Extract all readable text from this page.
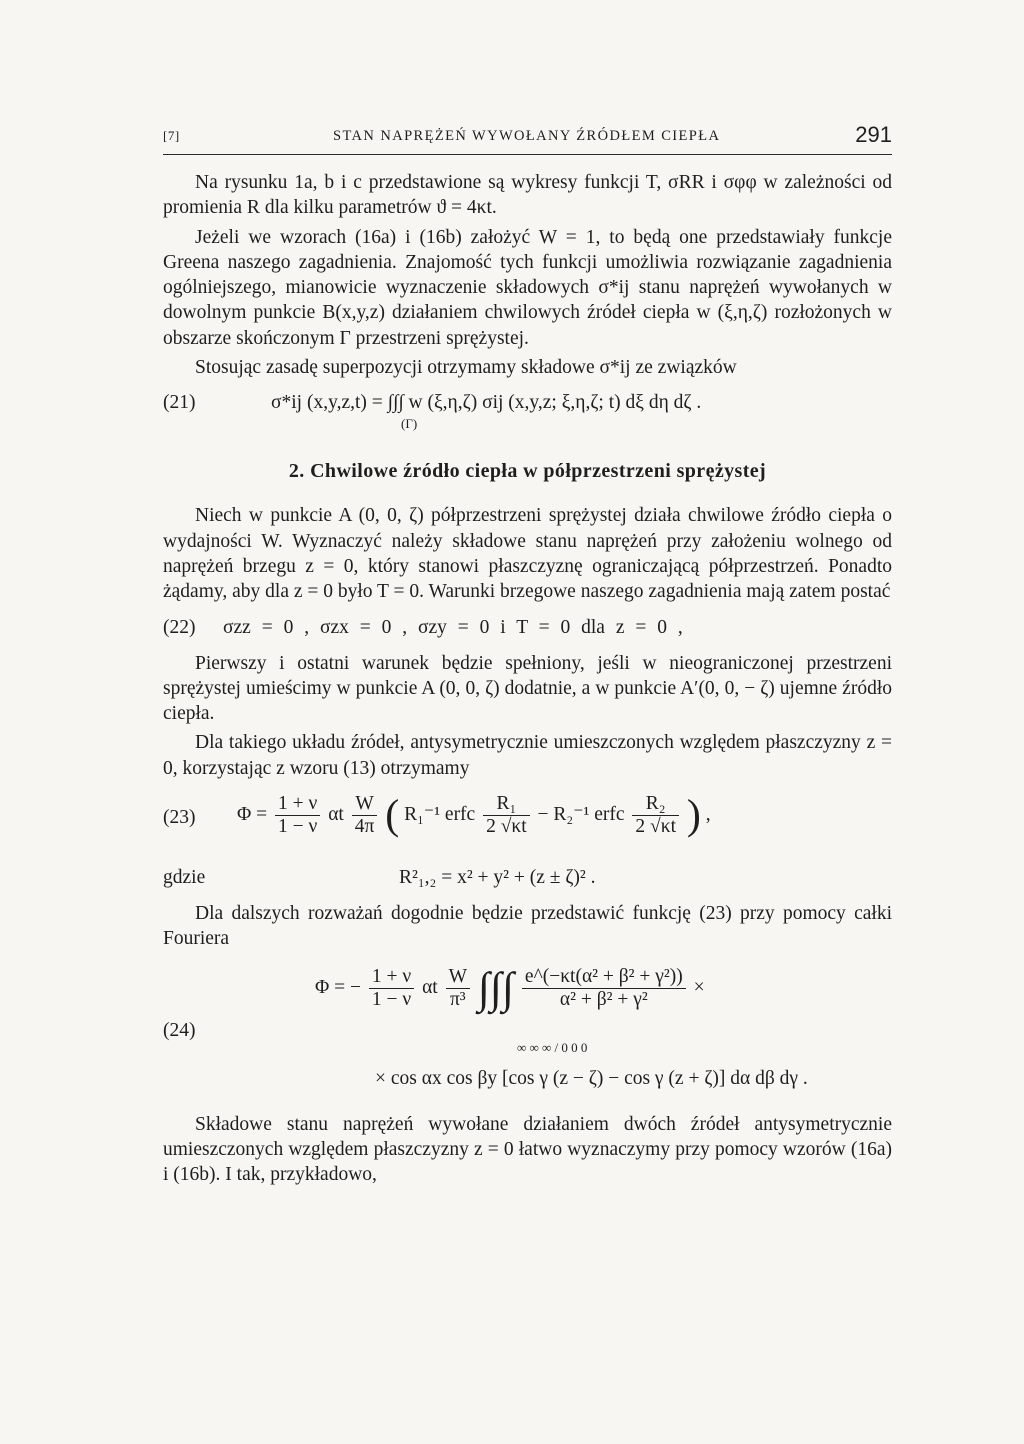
[7]	STAN NAPRĘŻEŃ WYWOŁANY ŹRÓDŁEM CIEPŁA	291

Na rysunku 1a, b i c przedstawione są wykresy funkcji T, σRR i σφφ w zależności od promienia R dla kilku parametrów ϑ = 4κt.

Jeżeli we wzorach (16a) i (16b) założyć W = 1, to będą one przedstawiały funkcje Greena naszego zagadnienia. Znajomość tych funkcji umożliwia rozwiązanie zagadnienia ogólniejszego, mianowicie wyznaczenie składowych σ*ij stanu naprężeń wywołanych w dowolnym punkcie B(x,y,z) działaniem chwilowych źródeł ciepła w (ξ,η,ζ) rozłożonych w obszarze skończonym Γ przestrzeni sprężystej.

Stosując zasadę superpozycji otrzymamy składowe σ*ij ze związków

(21)	σ*ij (x,y,z,t) = ∫∫∫ w (ξ,η,ζ) σij (x,y,z; ξ,η,ζ; t) dξ dη dζ .
(Γ)
2. Chwilowe źródło ciepła w półprzestrzeni sprężystej

Niech w punkcie A (0, 0, ζ) półprzestrzeni sprężystej działa chwilowe źródło ciepła o wydajności W. Wyznaczyć należy składowe stanu naprężeń przy założeniu wolnego od naprężeń brzegu z = 0, który stanowi płaszczyznę ograniczającą półprzestrzeń. Ponadto żądamy, aby dla z = 0 było T = 0. Warunki brzegowe naszego zagadnienia mają zatem postać

(22) σzz = 0 , σzx = 0 , σzy = 0 i T = 0 dla z = 0 ,

Pierwszy i ostatni warunek będzie spełniony, jeśli w nieograniczonej przestrzeni sprężystej umieścimy w punkcie A (0, 0, ζ) dodatnie, a w punkcie A′(0, 0, − ζ) ujemne źródło ciepła.

Dla takiego układu źródeł, antysymetrycznie umieszczonych względem płaszczyzny z = 0, korzystając z wzoru (13) otrzymamy

(23) $\Phi = \frac{1 + \nu}{1 - \nu}$ αt $\frac{W}{4\pi}$ ( R₁⁻¹ erfc $\frac{\text{R₁}}{2 √\kappa t} - R_2^{-1}$ erfc $\frac{\text{R₂}}{2 √\kappa t}$ ) ,
gdzie	R²₁,₂ = x² + y² + (z ± ζ)² .

Dla dalszych rozważań dogodnie będzie przedstawić funkcję (23) przy pomocy całki Fouriera

(24)
Φ = − $\frac{1 + \nu}{1 - \nu}$ αt $\frac{W}{\text{π³}}$ ∫∫∫ $\frac{\text{e\textasciicircum{}(−κt(α² + β² + γ²))}}{\text{α² + β² + γ²}}$ ×
∞ ∞ ∞ / 0 0 0
× cos αx cos βy [cos γ (z − ζ) − cos γ (z + ζ)] dα dβ dγ .

Składowe stanu naprężeń wywołane działaniem dwóch źródeł antysymetrycznie umieszczonych względem płaszczyzny z = 0 łatwo wyznaczymy przy pomocy wzorów (16a) i (16b). I tak, przykładowo,
